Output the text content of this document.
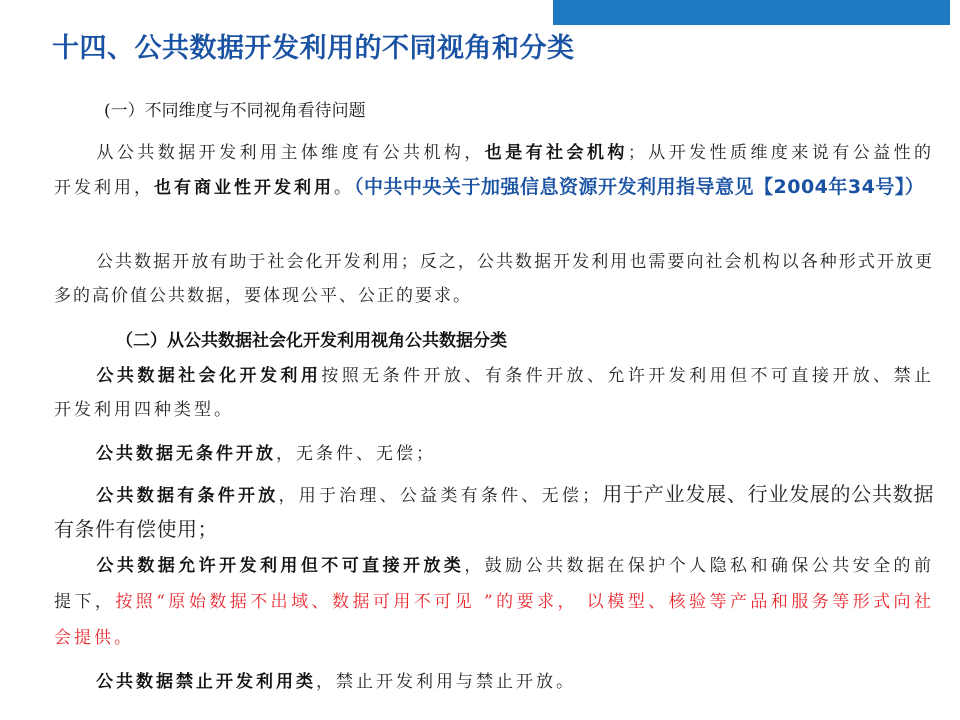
十四、公共数据开发利用的不同视角和分类
(一）不同维度与不同视角看待问题
从公共数据开发利用主体维度有公共机构，也是有社会机构；从开发性质维度来说有公益性的开发利用，也有商业性开发利用。（中共中央关于加强信息资源开发利用指导意见【2004年34号】）
公共数据开放有助于社会化开发利用；反之，公共数据开发利用也需要向社会机构以各种形式开放更多的高价值公共数据，要体现公平、公正的要求。
（二）从公共数据社会化开发利用视角公共数据分类
公共数据社会化开发利用按照无条件开放、有条件开放、允许开发利用但不可直接开放、禁止开发利用四种类型。
公共数据无条件开放，无条件、无偿；
公共数据有条件开放，用于治理、公益类有条件、无偿；用于产业发展、行业发展的公共数据有条件有偿使用；
公共数据允许开发利用但不可直接开放类，鼓励公共数据在保护个人隐私和确保公共安全的前提下，按照“原始数据不出域、数据可用不可见 ”的要求， 以模型、核验等产品和服务等形式向社会提供。
公共数据禁止开发利用类，禁止开发利用与禁止开放。
